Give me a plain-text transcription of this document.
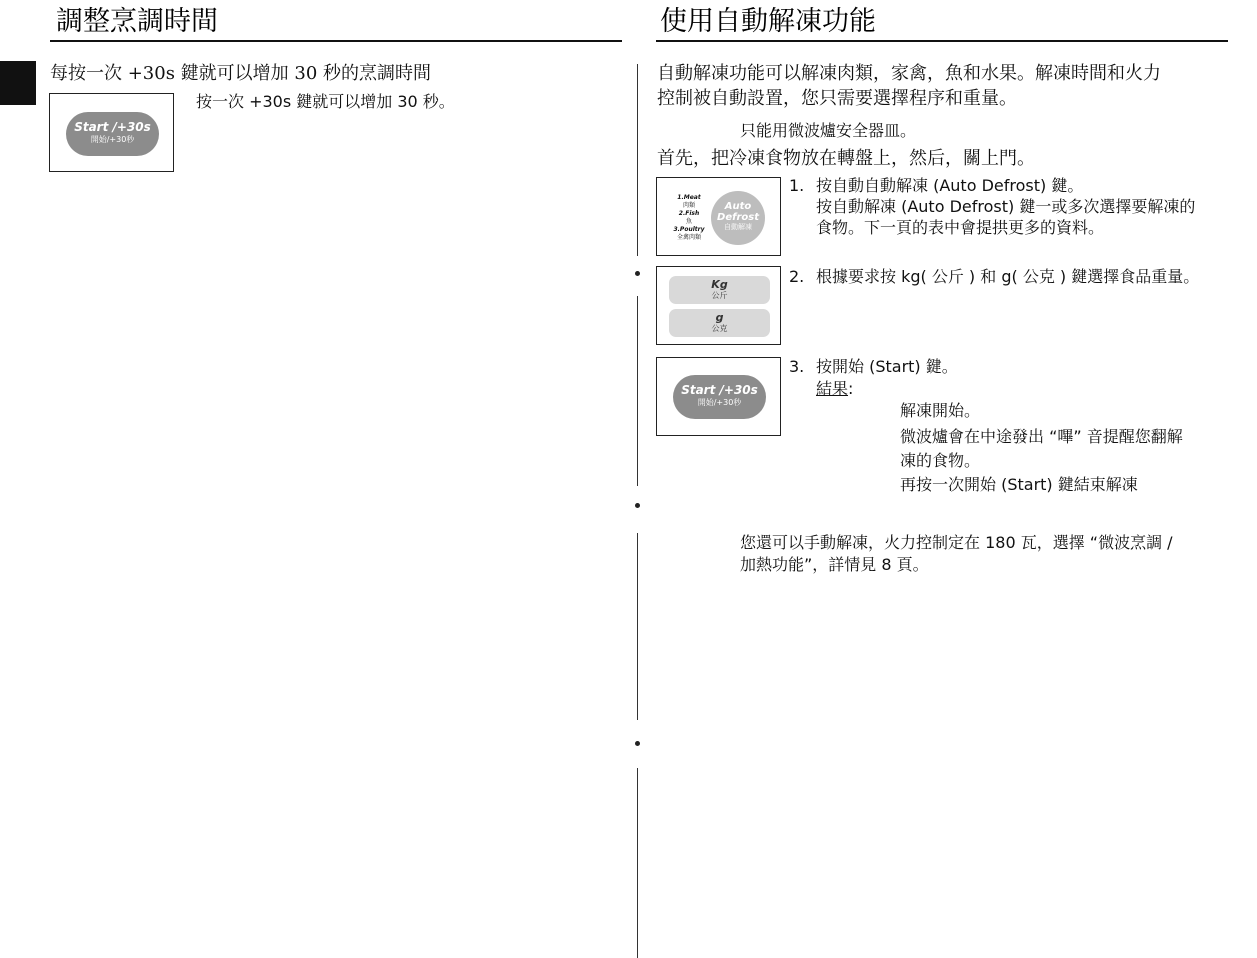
調整烹調時間
每按一次 +30s 鍵就可以增加 30 秒的烹調時間
Start /+30s
開始/+30秒
按一次 +30s 鍵就可以增加 30 秒。
使用自動解凍功能
自動解凍功能可以解凍肉類，家禽，魚和水果。解凍時間和火力
控制被自動設置，您只需要選擇程序和重量。
只能用微波爐安全器皿。
首先，把冷凍食物放在轉盤上，然后，關上門。
1.Meat
肉類
2.Fish
魚
3.Poultry
全禽肉類
Auto
Defrost
自動解凍
1. 按自動自動解凍 (Auto Defrost) 鍵。
按自動解凍 (Auto Defrost) 鍵一或多次選擇要解凍的
食物。下一頁的表中會提拱更多的資料。
Kg
公斤
g
公克
2. 根據要求按 kg( 公斤 ) 和 g( 公克 ) 鍵選擇食品重量。
Start /+30s
開始/+30秒
3. 按開始 (Start) 鍵。
結果:
解凍開始。
微波爐會在中途發出 “嗶” 音提醒您翻解
凍的食物。
再按一次開始 (Start) 鍵結束解凍
您還可以手動解凍，火力控制定在 180 瓦，選擇 “微波烹調 /
加熱功能”，詳情見 8 頁。
